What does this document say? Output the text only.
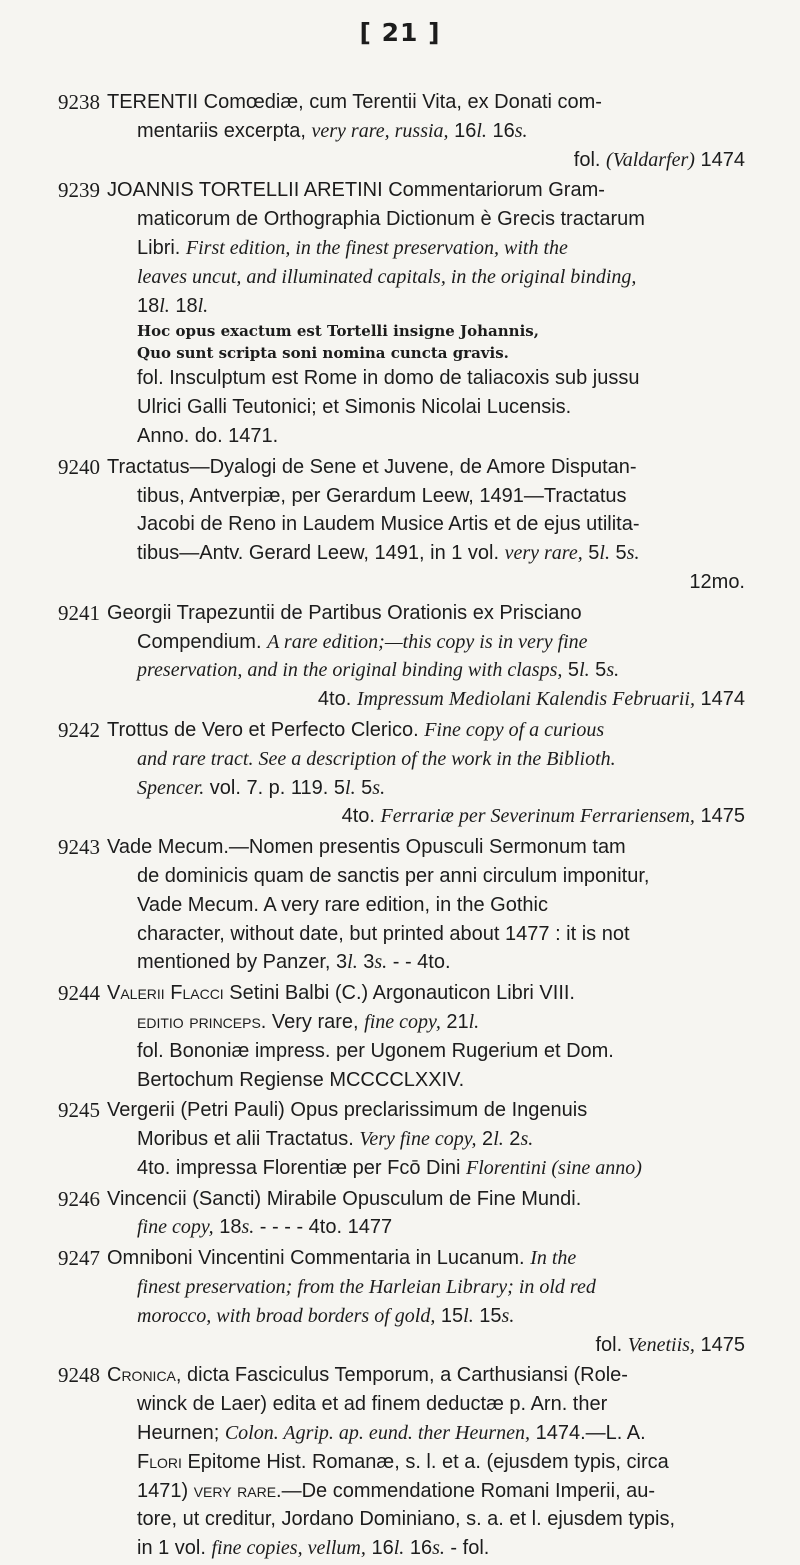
[ 21 ]
9238 TERENTII Comœdiæ, cum Terentii Vita, ex Donati com-
mentariis excerpta, very rare, russia, 16l. 16s.
fol. (Valdarfer) 1474
9239 JOANNIS TORTELLII ARETINI Commentariorum Gram-
maticorum de Orthographia Dictionum è Grecis tractarum
Libri. First edition, in the finest preservation, with the
leaves uncut, and illuminated capitals, in the original binding,
18l. 18l.
Hoc opus exactum est Tortelli insigne Johannis,
Quo sunt scripta soni nomina cuncta gravis.
fol. Insculptum est Rome in domo de taliacoxis sub jussu
Ulrici Galli Teutonici; et Simonis Nicolai Lucensis.
Anno. do. 1471.
9240 Tractatus—Dyalogi de Sene et Juvene, de Amore Disputan-
tibus, Antverpiæ, per Gerardum Leew, 1491—Tractatus
Jacobi de Reno in Laudem Musice Artis et de ejus utilita-
tibus—Antv. Gerard Leew, 1491, in 1 vol. very rare, 5l. 5s.
12mo.
9241 Georgii Trapezuntii de Partibus Orationis ex Prisciano
Compendium. A rare edition;—this copy is in very fine
preservation, and in the original binding with clasps, 5l. 5s.
4to. Impressum Mediolani Kalendis Februarii, 1474
9242 Trottus de Vero et Perfecto Clerico. Fine copy of a curious
and rare tract. See a description of the work in the Biblioth.
Spencer. vol. 7. p. 119. 5l. 5s.
4to. Ferrariæ per Severinum Ferrariensem, 1475
9243 Vade Mecum.—Nomen presentis Opusculi Sermonum tam
de dominicis quam de sanctis per anni circulum imponitur,
Vade Mecum. A very rare edition, in the Gothic
character, without date, but printed about 1477 : it is not
mentioned by Panzer, 3l. 3s. - - 4to.
9244 Valerii Flacci Setini Balbi (C.) Argonauticon Libri VIII.
editio princeps. Very rare, fine copy, 21l.
fol. Bononiæ impress. per Ugonem Rugerium et Dom.
Bertochum Regiense MCCCCLXXIV.
9245 Vergerii (Petri Pauli) Opus preclarissimum de Ingenuis
Moribus et alii Tractatus. Very fine copy, 2l. 2s.
4to. impressa Florentiæ per Fcō Dini Florentini (sine anno)
9246 Vincencii (Sancti) Mirabile Opusculum de Fine Mundi.
fine copy, 18s. - - - - 4to. 1477
9247 Omniboni Vincentini Commentaria in Lucanum. In the
finest preservation; from the Harleian Library; in old red
morocco, with broad borders of gold, 15l. 15s.
fol. Venetiis, 1475
9248 Cronica, dicta Fasciculus Temporum, a Carthusiansi (Role-
winck de Laer) edita et ad finem deductæ p. Arn. ther
Heurnen; Colon. Agrip. ap. eund. ther Heurnen, 1474.—L. A.
Flori Epitome Hist. Romanæ, s. l. et a. (ejusdem typis, circa
1471) very rare.—De commendatione Romani Imperii, au-
tore, ut creditur, Jordano Dominiano, s. a. et l. ejusdem typis,
in 1 vol. fine copies, vellum, 16l. 16s. - fol.
